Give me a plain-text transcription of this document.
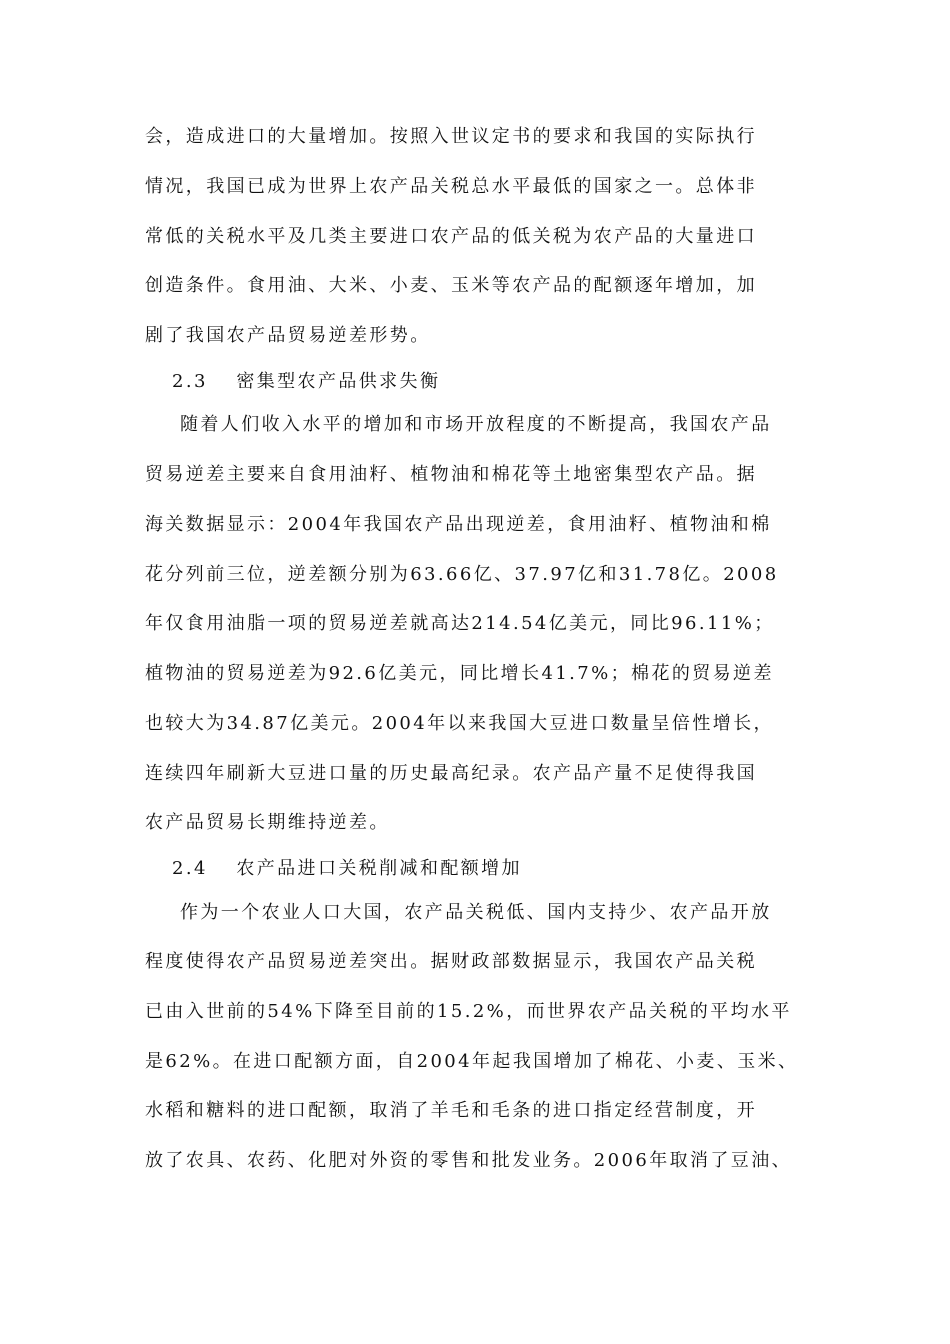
会，造成进口的大量增加。按照入世议定书的要求和我国的实际执行
情况，我国已成为世界上农产品关税总水平最低的国家之一。总体非
常低的关税水平及几类主要进口农产品的低关税为农产品的大量进口
创造条件。食用油、大米、小麦、玉米等农产品的配额逐年增加，加
剧了我国农产品贸易逆差形势。
2.3　 密集型农产品供求失衡
随着人们收入水平的增加和市场开放程度的不断提高，我国农产品
贸易逆差主要来自食用油籽、植物油和棉花等土地密集型农产品。据
海关数据显示：2004年我国农产品出现逆差，食用油籽、植物油和棉
花分列前三位，逆差额分别为63.66亿、37.97亿和31.78亿。2008
年仅食用油脂一项的贸易逆差就高达214.54亿美元，同比96.11%；
植物油的贸易逆差为92.6亿美元，同比增长41.7%；棉花的贸易逆差
也较大为34.87亿美元。2004年以来我国大豆进口数量呈倍性增长，
连续四年刷新大豆进口量的历史最高纪录。农产品产量不足使得我国
农产品贸易长期维持逆差。
2.4　 农产品进口关税削减和配额增加
作为一个农业人口大国，农产品关税低、国内支持少、农产品开放
程度使得农产品贸易逆差突出。据财政部数据显示，我国农产品关税
已由入世前的54%下降至目前的15.2%，而世界农产品关税的平均水平
是62%。在进口配额方面，自2004年起我国增加了棉花、小麦、玉米、
水稻和糖料的进口配额，取消了羊毛和毛条的进口指定经营制度，开
放了农具、农药、化肥对外资的零售和批发业务。2006年取消了豆油、
